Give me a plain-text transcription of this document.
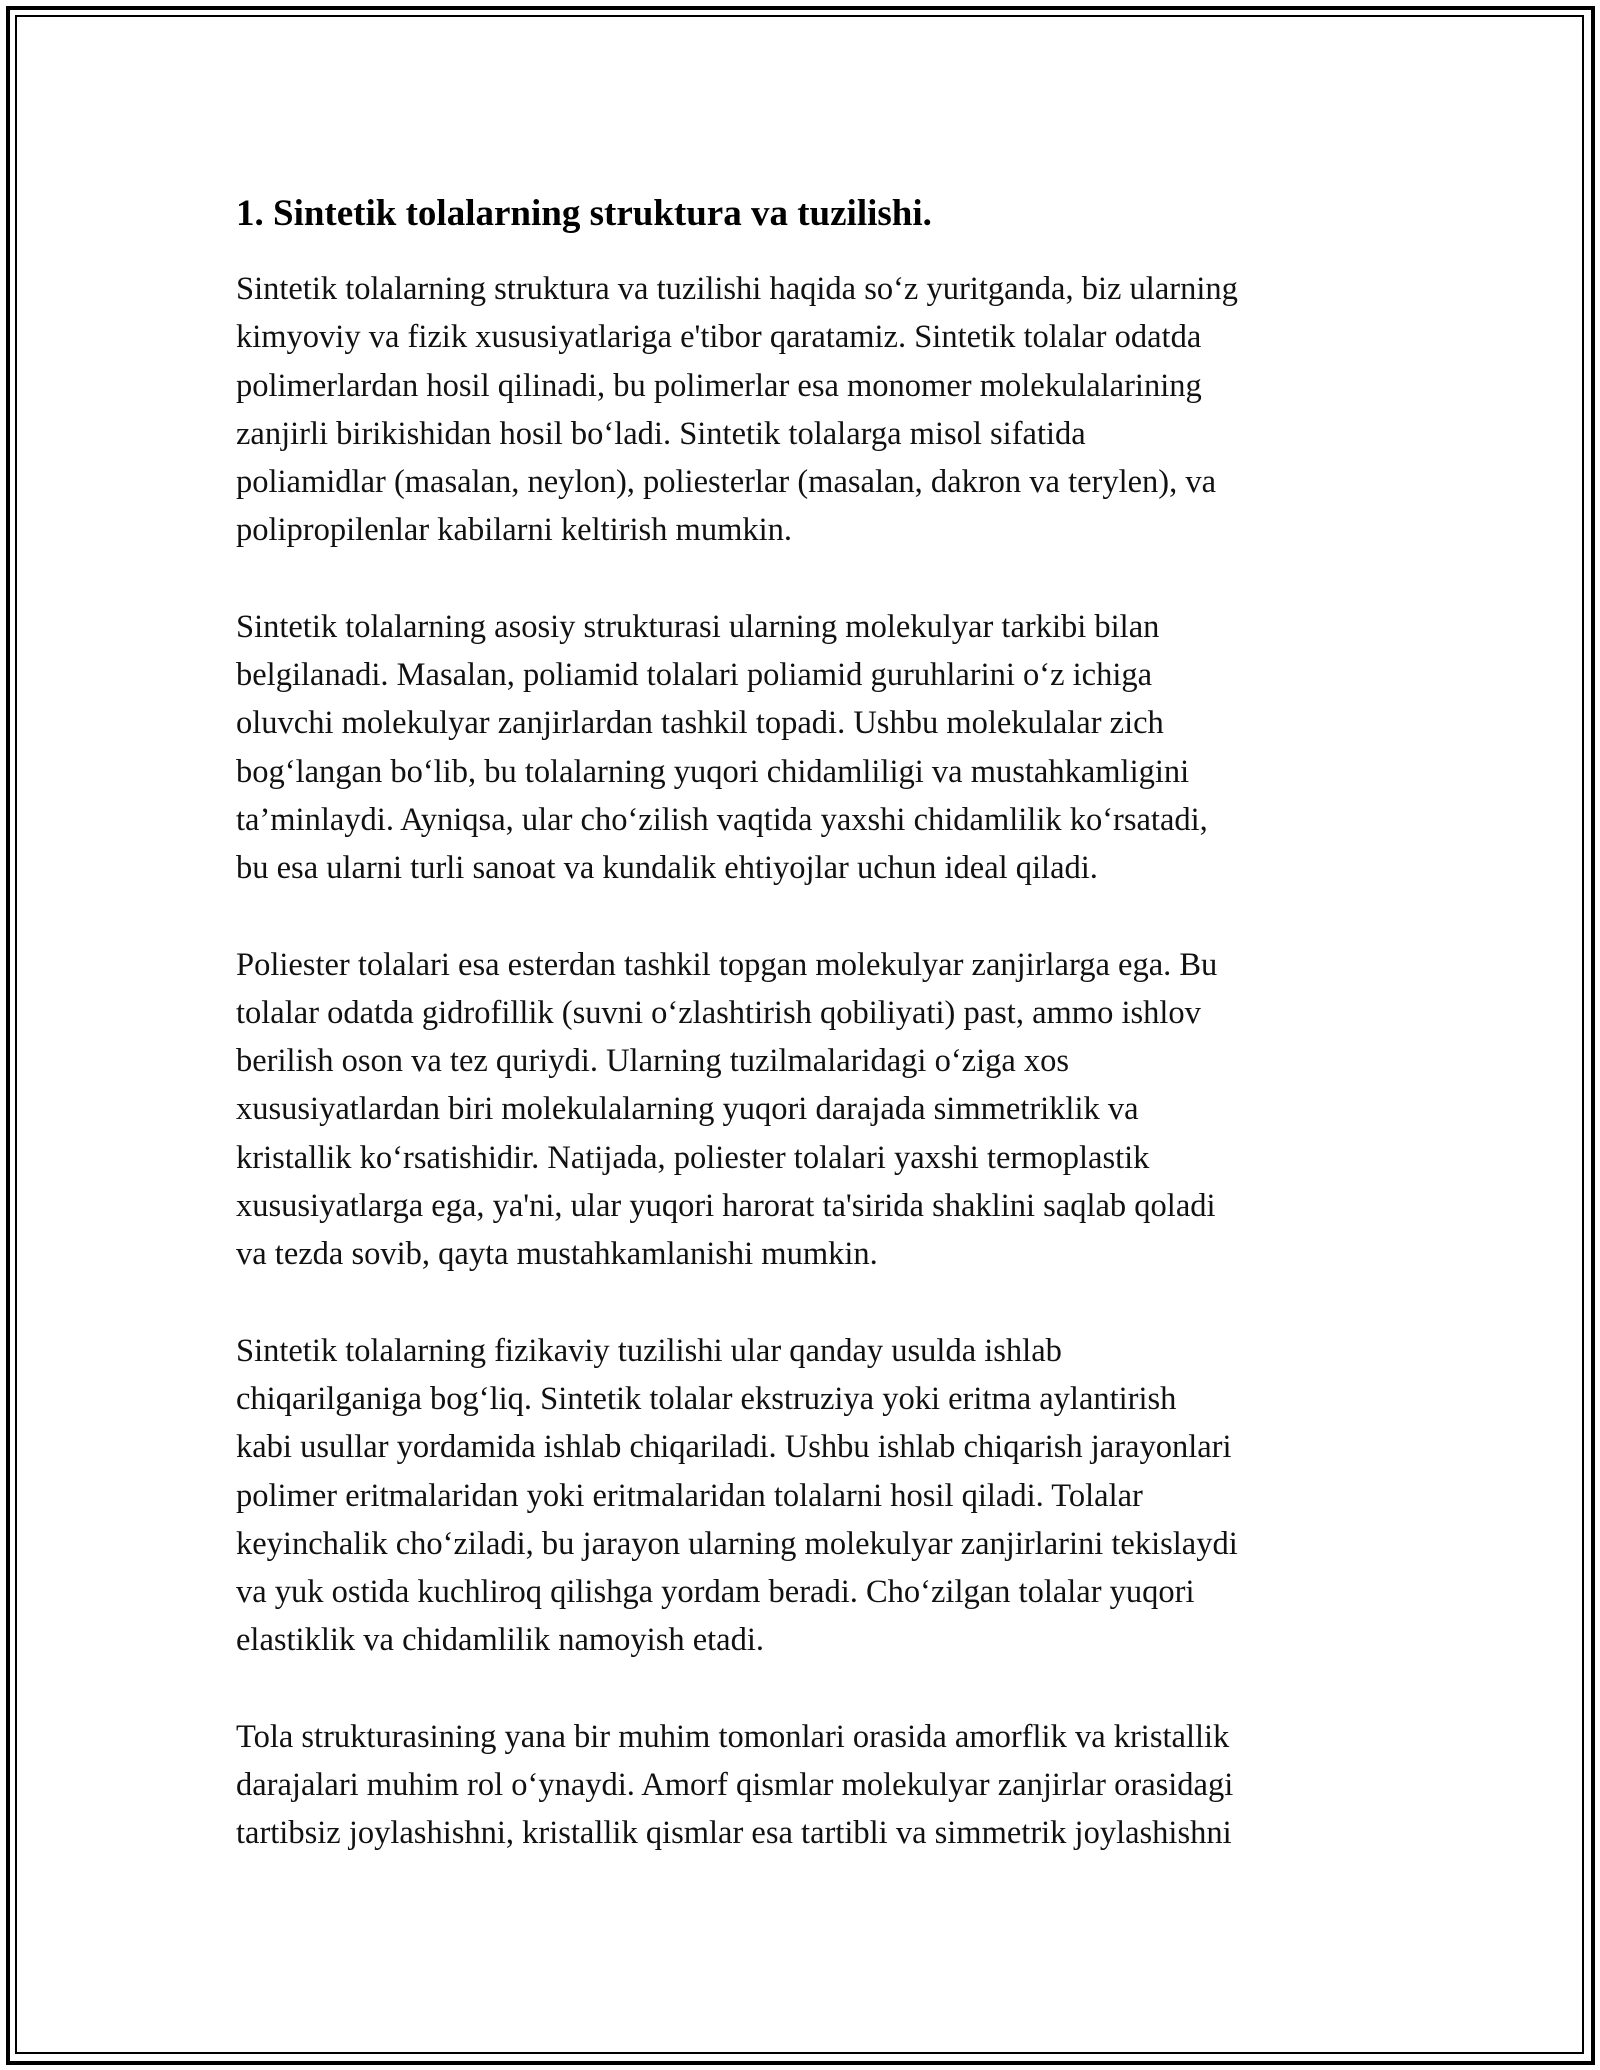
1. Sintetik tolalarning struktura va tuzilishi.

Sintetik tolalarning struktura va tuzilishi haqida so‘z yuritganda, biz ularning
kimyoviy va fizik xususiyatlariga e'tibor qaratamiz. Sintetik tolalar odatda
polimerlardan hosil qilinadi, bu polimerlar esa monomer molekulalarining
zanjirli birikishidan hosil bo‘ladi. Sintetik tolalarga misol sifatida
poliamidlar (masalan, neylon), poliesterlar (masalan, dakron va terylen), va
polipropilenlar kabilarni keltirish mumkin.

Sintetik tolalarning asosiy strukturasi ularning molekulyar tarkibi bilan
belgilanadi. Masalan, poliamid tolalari poliamid guruhlarini o‘z ichiga
oluvchi molekulyar zanjirlardan tashkil topadi. Ushbu molekulalar zich
bog‘langan bo‘lib, bu tolalarning yuqori chidamliligi va mustahkamligini
ta’minlaydi. Ayniqsa, ular cho‘zilish vaqtida yaxshi chidamlilik ko‘rsatadi,
bu esa ularni turli sanoat va kundalik ehtiyojlar uchun ideal qiladi.

Poliester tolalari esa esterdan tashkil topgan molekulyar zanjirlarga ega. Bu
tolalar odatda gidrofillik (suvni o‘zlashtirish qobiliyati) past, ammo ishlov
berilish oson va tez quriydi. Ularning tuzilmalaridagi o‘ziga xos
xususiyatlardan biri molekulalarning yuqori darajada simmetriklik va
kristallik ko‘rsatishidir. Natijada, poliester tolalari yaxshi termoplastik
xususiyatlarga ega, ya'ni, ular yuqori harorat ta'sirida shaklini saqlab qoladi
va tezda sovib, qayta mustahkamlanishi mumkin.

Sintetik tolalarning fizikaviy tuzilishi ular qanday usulda ishlab
chiqarilganiga bog‘liq. Sintetik tolalar ekstruziya yoki eritma aylantirish
kabi usullar yordamida ishlab chiqariladi. Ushbu ishlab chiqarish jarayonlari
polimer eritmalaridan yoki eritmalaridan tolalarni hosil qiladi. Tolalar
keyinchalik cho‘ziladi, bu jarayon ularning molekulyar zanjirlarini tekislaydi
va yuk ostida kuchliroq qilishga yordam beradi. Cho‘zilgan tolalar yuqori
elastiklik va chidamlilik namoyish etadi.

Tola strukturasining yana bir muhim tomonlari orasida amorflik va kristallik
darajalari muhim rol o‘ynaydi. Amorf qismlar molekulyar zanjirlar orasidagi
tartibsiz joylashishni, kristallik qismlar esa tartibli va simmetrik joylashishni
